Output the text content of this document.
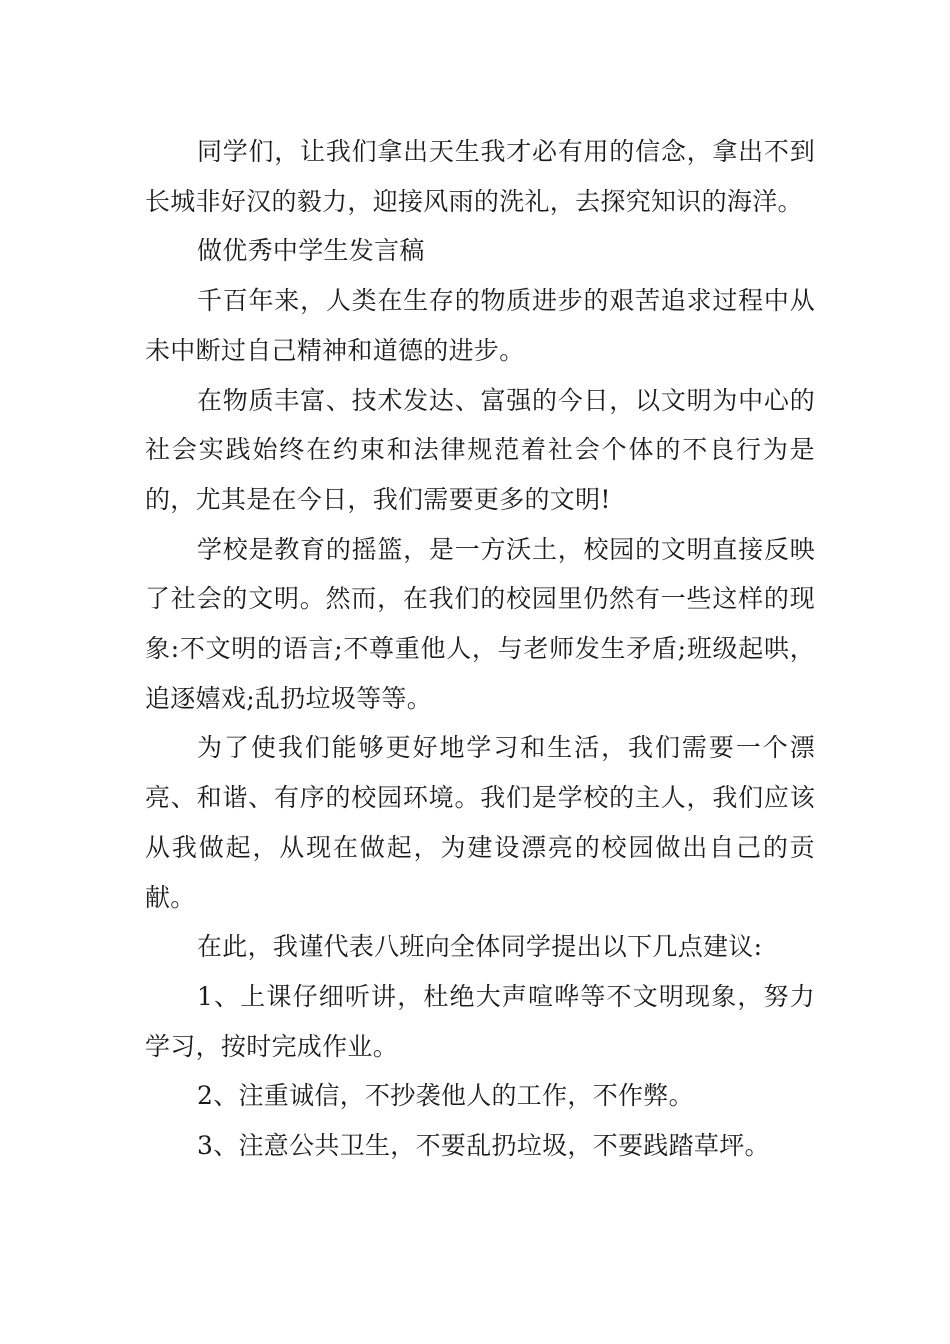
同学们，让我们拿出天生我才必有用的信念，拿出不到长城非好汉的毅力，迎接风雨的洗礼，去探究知识的海洋。

做优秀中学生发言稿

千百年来，人类在生存的物质进步的艰苦追求过程中从未中断过自己精神和道德的进步。

在物质丰富、技术发达、富强的今日，以文明为中心的社会实践始终在约束和法律规范着社会个体的不良行为是的，尤其是在今日，我们需要更多的文明!

学校是教育的摇篮，是一方沃土，校园的文明直接反映了社会的文明。然而，在我们的校园里仍然有一些这样的现象:不文明的语言;不尊重他人，与老师发生矛盾;班级起哄，追逐嬉戏;乱扔垃圾等等。

为了使我们能够更好地学习和生活，我们需要一个漂亮、和谐、有序的校园环境。我们是学校的主人，我们应该从我做起，从现在做起，为建设漂亮的校园做出自己的贡献。

在此，我谨代表八班向全体同学提出以下几点建议:

1、上课仔细听讲，杜绝大声喧哗等不文明现象，努力学习，按时完成作业。

2、注重诚信，不抄袭他人的工作，不作弊。

3、注意公共卫生，不要乱扔垃圾，不要践踏草坪。
